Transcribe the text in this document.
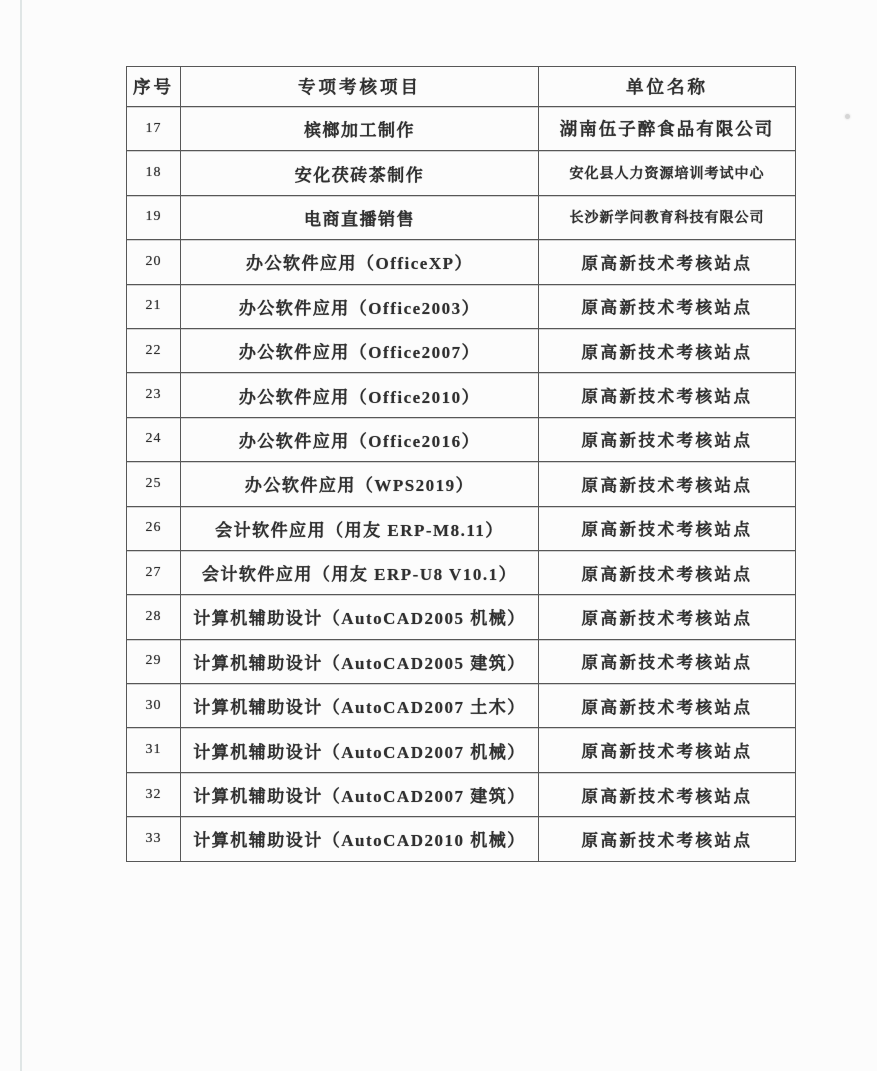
序号	专项考核项目	单位名称
17	槟榔加工制作	湖南伍子醉食品有限公司
18	安化茯砖茶制作	安化县人力资源培训考试中心
19	电商直播销售	长沙新学问教育科技有限公司
20	办公软件应用（OfficeXP）	原高新技术考核站点
21	办公软件应用（Office2003）	原高新技术考核站点
22	办公软件应用（Office2007）	原高新技术考核站点
23	办公软件应用（Office2010）	原高新技术考核站点
24	办公软件应用（Office2016）	原高新技术考核站点
25	办公软件应用（WPS2019）	原高新技术考核站点
26	会计软件应用（用友 ERP-M8.11）	原高新技术考核站点
27	会计软件应用（用友 ERP-U8 V10.1）	原高新技术考核站点
28	计算机辅助设计（AutoCAD2005 机械）	原高新技术考核站点
29	计算机辅助设计（AutoCAD2005 建筑）	原高新技术考核站点
30	计算机辅助设计（AutoCAD2007 土木）	原高新技术考核站点
31	计算机辅助设计（AutoCAD2007 机械）	原高新技术考核站点
32	计算机辅助设计（AutoCAD2007 建筑）	原高新技术考核站点
33	计算机辅助设计（AutoCAD2010 机械）	原高新技术考核站点
